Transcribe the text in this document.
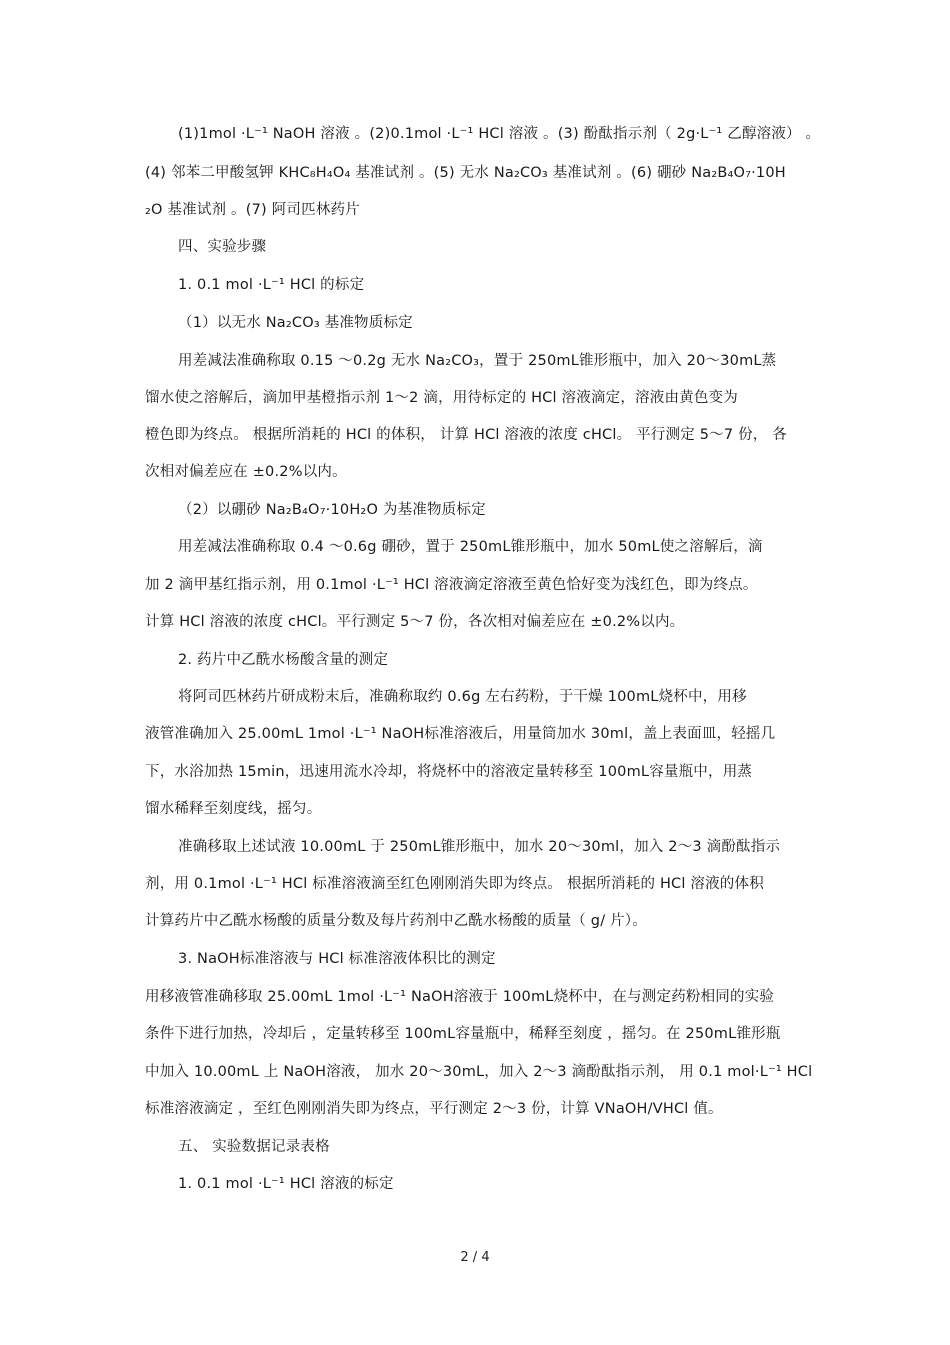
(1)1mol ·L⁻¹ NaOH 溶液 。(2)0.1mol ·L⁻¹ HCl 溶液 。(3) 酚酞指示剂（ 2g·L⁻¹ 乙醇溶液） 。
(4) 邻苯二甲酸氢钾 KHC₈H₄O₄ 基准试剂 。(5) 无水 Na₂CO₃ 基准试剂 。(6) 硼砂 Na₂B₄O₇·10H
₂O 基准试剂 。(7) 阿司匹林药片
四、实验步骤
1. 0.1 mol ·L⁻¹ HCl 的标定
（1）以无水 Na₂CO₃ 基准物质标定
用差减法准确称取 0.15 ～0.2g 无水 Na₂CO₃，置于 250mL锥形瓶中，加入 20～30mL蒸
馏水使之溶解后，滴加甲基橙指示剂 1～2 滴，用待标定的 HCl 溶液滴定，溶液由黄色变为
橙色即为终点。 根据所消耗的 HCl 的体积， 计算 HCl 溶液的浓度 cHCl。 平行测定 5～7 份， 各
次相对偏差应在 ±0.2%以内。
（2）以硼砂 Na₂B₄O₇·10H₂O 为基准物质标定
用差减法准确称取 0.4 ～0.6g 硼砂，置于 250mL锥形瓶中，加水 50mL使之溶解后，滴
加 2 滴甲基红指示剂，用 0.1mol ·L⁻¹ HCl 溶液滴定溶液至黄色恰好变为浅红色，即为终点。
计算 HCl 溶液的浓度 cHCl。平行测定 5～7 份，各次相对偏差应在 ±0.2%以内。
2. 药片中乙酰水杨酸含量的测定
将阿司匹林药片研成粉末后，准确称取约 0.6g 左右药粉，于干燥 100mL烧杯中，用移
液管准确加入 25.00mL 1mol ·L⁻¹ NaOH标准溶液后，用量筒加水 30ml，盖上表面皿，轻摇几
下，水浴加热 15min，迅速用流水冷却，将烧杯中的溶液定量转移至 100mL容量瓶中，用蒸
馏水稀释至刻度线，摇匀。
准确移取上述试液 10.00mL 于 250mL锥形瓶中，加水 20～30ml，加入 2～3 滴酚酞指示
剂，用 0.1mol ·L⁻¹ HCl 标准溶液滴至红色刚刚消失即为终点。 根据所消耗的 HCl 溶液的体积
计算药片中乙酰水杨酸的质量分数及每片药剂中乙酰水杨酸的质量（ g/ 片）。
3. NaOH标准溶液与 HCl 标准溶液体积比的测定
用移液管准确移取 25.00mL 1mol ·L⁻¹ NaOH溶液于 100mL烧杯中，在与测定药粉相同的实验
条件下进行加热，冷却后 ，定量转移至 100mL容量瓶中，稀释至刻度 ，摇匀。在 250mL锥形瓶
中加入 10.00mL 上 NaOH溶液， 加水 20～30mL，加入 2～3 滴酚酞指示剂， 用 0.1 mol·L⁻¹ HCl
标准溶液滴定 ，至红色刚刚消失即为终点，平行测定 2～3 份，计算 VNaOH/VHCl 值。
五、 实验数据记录表格
1. 0.1 mol ·L⁻¹ HCl 溶液的标定
2 / 4
